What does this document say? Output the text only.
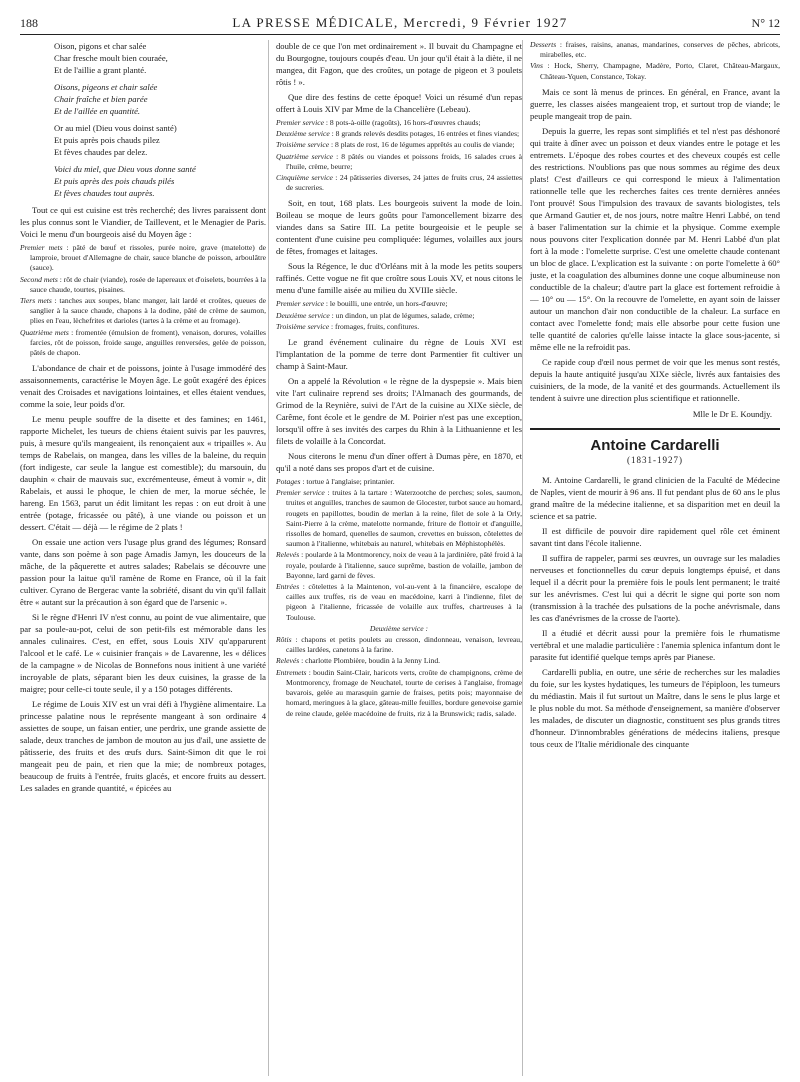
188	LA PRESSE MÉDICALE, Mercredi, 9 Février 1927	N° 12
Oison, pigons et char salée
Char fresche moult bien couraée,
Et de l'aillie a grant planté.
Oisons, pigeons et chair salée
Chair fraîche et bien parée
Et de l'aillée en quantité.
Or au miel (Dieu vous doinst santé)
Et puis après pois chauds pilez
Et fèves chaudes par delez.
Voici du miel, que Dieu vous donne santé
Et puis après des pois chauds pilés
Et fèves chaudes tout auprès.

Tout ce qui est cuisine est très recherché; des livres paraissent dont les plus connus sont le Viandier, de Taillevent, et le Menagier de Paris. Voici le menu d'un bourgeois aisé du Moyen âge :

Premier mets : pâté de bœuf et rissoles, purée noire, grave (matelotte) de lamproie, brouet d'Allemagne de chair, sauce blanche de poisson, arboulâtre (sauce).
Second mets : rôt de chair (viande), rosée de lapereaux et d'oiselets, bourrées à la sauce chaude, tourtes, pisaines.
Tiers mets : tanches aux soupes, blanc manger, lait lardé et croûtes, queues de sanglier à la sauce chaude, chapons à la dodine, pâté de crème de saumon, plies en l'eau, lèchefrites et darioles (tartes à la crème et au fromage).
Quatrième mets : fromentée (émulsion de froment), venaison, dorures, volailles farcies, rôt de poisson, froide sauge, anguilles renversées, gelée de poisson, pâtés de chapon.

L'abondance de chair et de poissons, jointe à l'usage immodéré des assaisonnements, caractérise le Moyen âge. Le goût exagéré des épices venait des Croisades et navigations lointaines, et elles étaient vendues, comme la soie, leur poids d'or.

Le menu peuple souffre de la disette et des famines; en 1461, rapporte Michelet, les tueurs de chiens étaient suivis par les pauvres, puis, à mesure qu'ils mangeaient, ils renonçaient aux « tripailles ». Au temps de Rabelais, on mangea, dans les villes de la baleine, du requin (fort indigeste, car seule la langue est comestible); du marsouin, du dauphin « chair de mauvais suc, excrémenteuse, émeut à vomir », dit Rabelais, et aussi le phoque, le chien de mer, la morue séchée, le hareng. En 1563, parut un édit limitant les repas : on eut droit à une entrée (potage, fricassée ou pâté), à une viande ou poisson et un dessert. C'était — déjà — le régime de 2 plats !

On essaie une action vers l'usage plus grand des légumes; Ronsard vante, dans son poème à son page Amadis Jamyn, les douceurs de la mâche, de la pâquerette et autres salades; Rabelais se découvre une passion pour la laitue qu'il ramène de Rome en France, où il la fait cultiver. Cyrano de Bergerac vante la sobriété, disant du vin qu'il fallait être « autant sur la précaution à son égard que de l'arsenic ».

Si le règne d'Henri IV n'est connu, au point de vue alimentaire, que par sa poule-au-pot, celui de son petit-fils est mémorable dans les annales culinaires. C'est, en effet, sous Louis XIV qu'apparurent l'alcool et le café. Le « cuisinier français » de Lavarenne, les « délices de la campagne » de Nicolas de Bonnefons nous initient à une variété incroyable de plats, séparant bien les deux cuisines, la grasse de la maigre; pour celle-ci toute seule, il y a 150 potages différents.

Le régime de Louis XIV est un vrai défi à l'hygiène alimentaire. La princesse palatine nous le représente mangeant à son ordinaire 4 assiettes de soupe, un faisan entier, une perdrix, une grande assiette de salade, deux tranches de jambon de mouton au jus d'ail, une assiette de pâtisserie, des fruits et des œufs durs. Saint-Simon dit que le roi mangeait peu de pain, et rien que la mie; de nombreux potages, beaucoup de fruits à l'entrée, fruits glacés, et encore fruits au dessert. Les salades en grande quantité, « épicées au

double de ce que l'on met ordinairement ». Il buvait du Champagne et du Bourgogne, toujours coupés d'eau. Un jour qu'il était à la diète, il ne mangea, dit Fagon, que des croûtes, un potage de pigeon et 3 poulets rôtis ! ».

Que dire des festins de cette époque! Voici un résumé d'un repas offert à Louis XIV par Mme de la Chancelière (Lebeau).

Premier service : 8 pots-à-oille (ragoûts), 16 hors-d'œuvres chauds;
Deuxième service : 8 grands relevés desdits potages, 16 entrées et fines viandes;
Troisième service : 8 plats de rost, 16 de légumes apprêtés au coulis de viande;
Quatrième service : 8 pâtés ou viandes et poissons froids, 16 salades crues à l'huile, crème, beurre;
Cinquième service : 24 pâtisseries diverses, 24 jattes de fruits crus, 24 assiettes de sucreries.

Soit, en tout, 168 plats. Les bourgeois suivent la mode de loin. Boileau se moque de leurs goûts pour l'amoncellement bizarre des viandes dans sa Satire III. La petite bourgeoisie et le peuple se contentent d'une cuisine peu compliquée: légumes, volailles aux jours de fêtes, fromages et laitages.

Sous la Régence, le duc d'Orléans mit à la mode les petits soupers raffinés. Cette vogue ne fit que croître sous Louis XV, et nous citons le menu d'une famille aisée au milieu du XVIIIe siècle.

Premier service : le bouilli, une entrée, un hors-d'œuvre;
Deuxième service : un dindon, un plat de légumes, salade, crème;
Troisième service : fromages, fruits, confitures.

Le grand événement culinaire du règne de Louis XVI est l'implantation de la pomme de terre dont Parmentier fit cultiver un champ à Saint-Maur.

On a appelé la Révolution « le règne de la dyspepsie ». Mais bien vite l'art culinaire reprend ses droits; l'Almanach des gourmands, de Grimod de la Reynière, suivi de l'Art de la cuisine au XIXe siècle, de Carême, font école et le gendre de M. Poirier n'est pas une exception, lorsqu'il offre à ses invités des carpes du Rhin à la Lithuanienne et les filets de volaille à la Concordat.

Nous citerons le menu d'un dîner offert à Dumas père, en 1870, et qu'il a noté dans ses propos d'art et de cuisine.

Potages : tortue à l'anglaise; printanier.
Premier service : truites à la tartare : Waterzootche de perches; soles, saumon, truites et anguilles, tranches de saumon de Glocester, turbot sauce au homard, rougets en papillottes, boudin de merlan à la reine, filet de sole à la Orly, Saint-Pierre à la crème, matelotte normande, friture de flottoir et d'anguille, rissolles de homard, quenelles de saumon, crevettes en buisson, côtelettes de saumon à l'italienne, whitebais au naturel, whitebais en Méphistophélès.
Relevés : poularde à la Montmorency, noix de veau à la jardinière, pâté froid à la royale, poularde à l'italienne, sauce suprême, bastion de volaille, jambon de Bayonne, lard garni de fèves.
Entrées : côtelettes à la Maintenon, vol-au-vent à la financière, escalope de cailles aux truffes, ris de veau en macédoine, karri à l'indienne, filet de pigeon à l'italienne, fricassée de volaille aux truffes, chartreuses à la Toulouse.
Deuxième service :
Rôtis : chapons et petits poulets au cresson, dindonneau, venaison, levreau, cailles lardées, canetons à la farine.
Relevés : charlotte Plombière, boudin à la Jenny Lind.
Entremets : boudin Saint-Clair, haricots verts, croûte de champignons, crème de Montmorency, fromage de Neuchatel, tourte de cerises à l'anglaise, fromage bavarois, gelée au marasquin garnie de fraises, petits pois; mayonnaise de homard, meringues à la glace, gâteau-mille feuilles, bordure genevoise garnie de reine claude, gelée macédoine de fruits, riz à la Brunswick; radis, salade.
Desserts : fraises, raisins, ananas, mandarines, conserves de pêches, abricots, mirabelles, etc.
Vins : Hock, Sherry, Champagne, Madère, Porto, Claret, Château-Margaux, Château-Yquen, Constance, Tokay.

Mais ce sont là menus de princes. En général, en France, avant la guerre, les classes aisées mangeaient trop, et surtout trop de viande; le peuple mangeait trop de pain.

Depuis la guerre, les repas sont simplifiés et tel n'est pas déshonoré qui traite à dîner avec un poisson et deux viandes entre le potage et les entremets. L'époque des robes courtes et des cheveux coupés est celle des restrictions. N'oublions pas que nous sommes au régime des deux plats! C'est d'ailleurs ce qui correspond le mieux à l'alimentation rationnelle telle que les recherches faites ces trente dernières années l'ont prouvé! Sous l'impulsion des travaux de savants biologistes, tels que Armand Gautier et, de nos jours, notre maître Henri Labbé, on tend à baser l'alimentation sur la chimie et la physique. Comme exemple nous pouvons citer l'explication donnée par M. Henri Labbé d'un plat fort à la mode : l'omelette surprise. C'est une omelette chaude contenant un bloc de glace. L'explication est la suivante : on porte l'omelette à 60° juste, et la coagulation des albumines donne une coque albumineuse non conductible de la chaleur; d'autre part la glace est fortement refroidie à — 10° ou — 15°. On la recouvre de l'omelette, en ayant soin de laisser autour un manchon d'air non conductible de la chaleur. La surface en contact avec l'omelette fond; mais elle absorbe pour cette fusion une telle quantité de calories qu'elle laisse intacte la glace sous-jacente, si même elle ne la refroidit pas.

Ce rapide coup d'œil nous permet de voir que les menus sont restés, depuis la haute antiquité jusqu'au XIXe siècle, livrés aux fantaisies des cuisiniers, de la mode, de la vanité et des gourmands. Actuellement ils tendent à suivre une direction plus scientifique et rationnelle.

Mlle le Dr E. Koundjy.
Antoine Cardarelli
(1831-1927)

M. Antoine Cardarelli, le grand clinicien de la Faculté de Médecine de Naples, vient de mourir à 96 ans. Il fut pendant plus de 60 ans le plus grand maître de la médecine italienne, et sa disparition met en deuil la science et sa patrie.

Il est difficile de pouvoir dire rapidement quel rôle cet éminent savant tint dans l'école italienne.

Il suffira de rappeler, parmi ses œuvres, un ouvrage sur les maladies nerveuses et fonctionnelles du cœur depuis longtemps épuisé, et dans lequel il a décrit pour la première fois le pouls lent permanent; le traité sur les anévrismes. C'est lui qui a décrit le signe qui porte son nom (transmission à la trachée des pulsations de la poche anévrismale, dans les cas d'anévrismes de la crosse de l'aorte).

Il a étudié et décrit aussi pour la première fois le rhumatisme vertébral et une maladie particulière : l'anemia splenica infantum dont le parasite fut identifié quelque temps après par Pianese.

Cardarelli publia, en outre, une série de recherches sur les maladies du foie, sur les kystes hydatiques, les tumeurs de l'épiploon, les tumeurs du médiastin. Mais il fut surtout un Maître, dans le sens le plus large et le plus noble du mot. Sa méthode d'enseignement, sa manière d'observer les malades, de discuter un diagnostic, constituent ses plus grands titres d'honneur. D'innombrables générations de médecins italiens, presque tous ceux de l'Italie méridionale des cinquante
